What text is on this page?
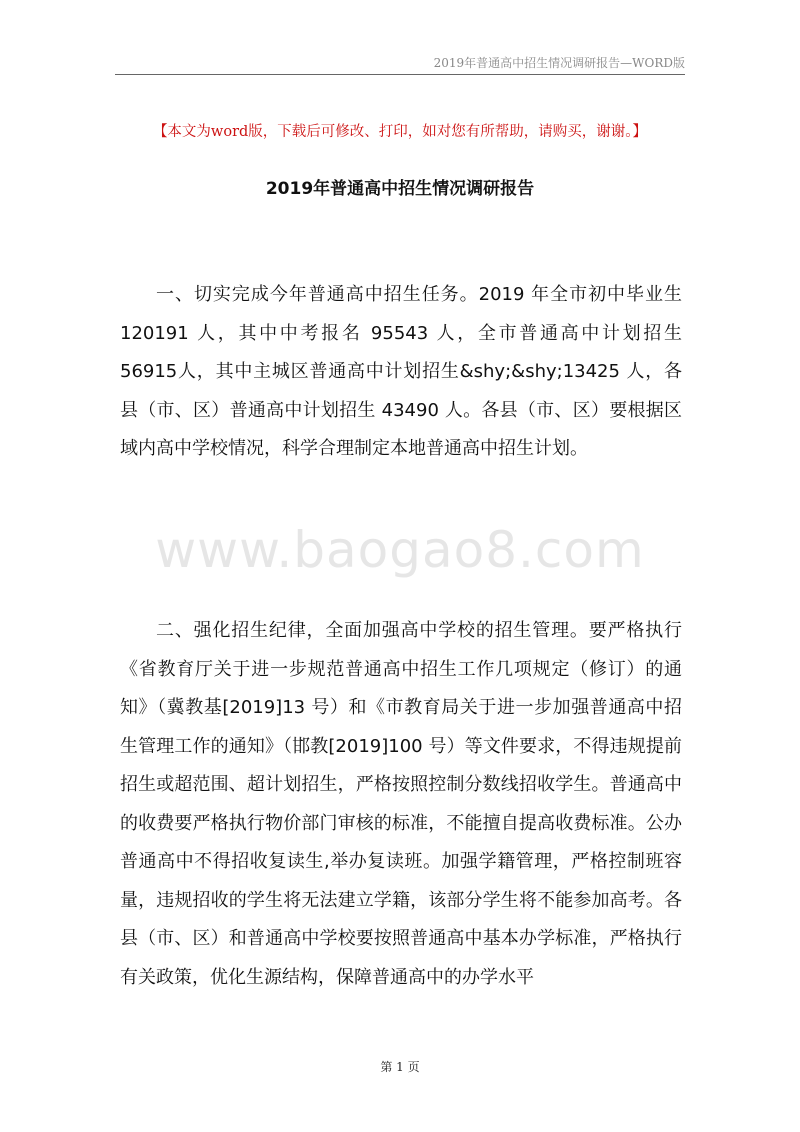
2019年普通高中招生情况调研报告—WORD版
【本文为word版，下载后可修改、打印，如对您有所帮助，请购买，谢谢。】
2019年普通高中招生情况调研报告
一、切实完成今年普通高中招生任务。2019 年全市初中毕业生 120191 人，其中中考报名 95543 人，全市普通高中计划招生 56915人，其中主城区普通高中计划招生&shy;&shy;13425 人，各县（市、区）普通高中计划招生 43490 人。各县（市、区）要根据区域内高中学校情况，科学合理制定本地普通高中招生计划。
www.baogao8.com
二、强化招生纪律，全面加强高中学校的招生管理。要严格执行《省教育厅关于进一步规范普通高中招生工作几项规定（修订）的通知》（冀教基[2019]13 号）和《市教育局关于进一步加强普通高中招生管理工作的通知》（邯教[2019]100 号）等文件要求，不得违规提前招生或超范围、超计划招生，严格按照控制分数线招收学生。普通高中的收费要严格执行物价部门审核的标准，不能擅自提高收费标准。公办普通高中不得招收复读生,举办复读班。加强学籍管理，严格控制班容量，违规招收的学生将无法建立学籍，该部分学生将不能参加高考。各县（市、区）和普通高中学校要按照普通高中基本办学标准，严格执行有关政策，优化生源结构，保障普通高中的办学水平
第 1 页
